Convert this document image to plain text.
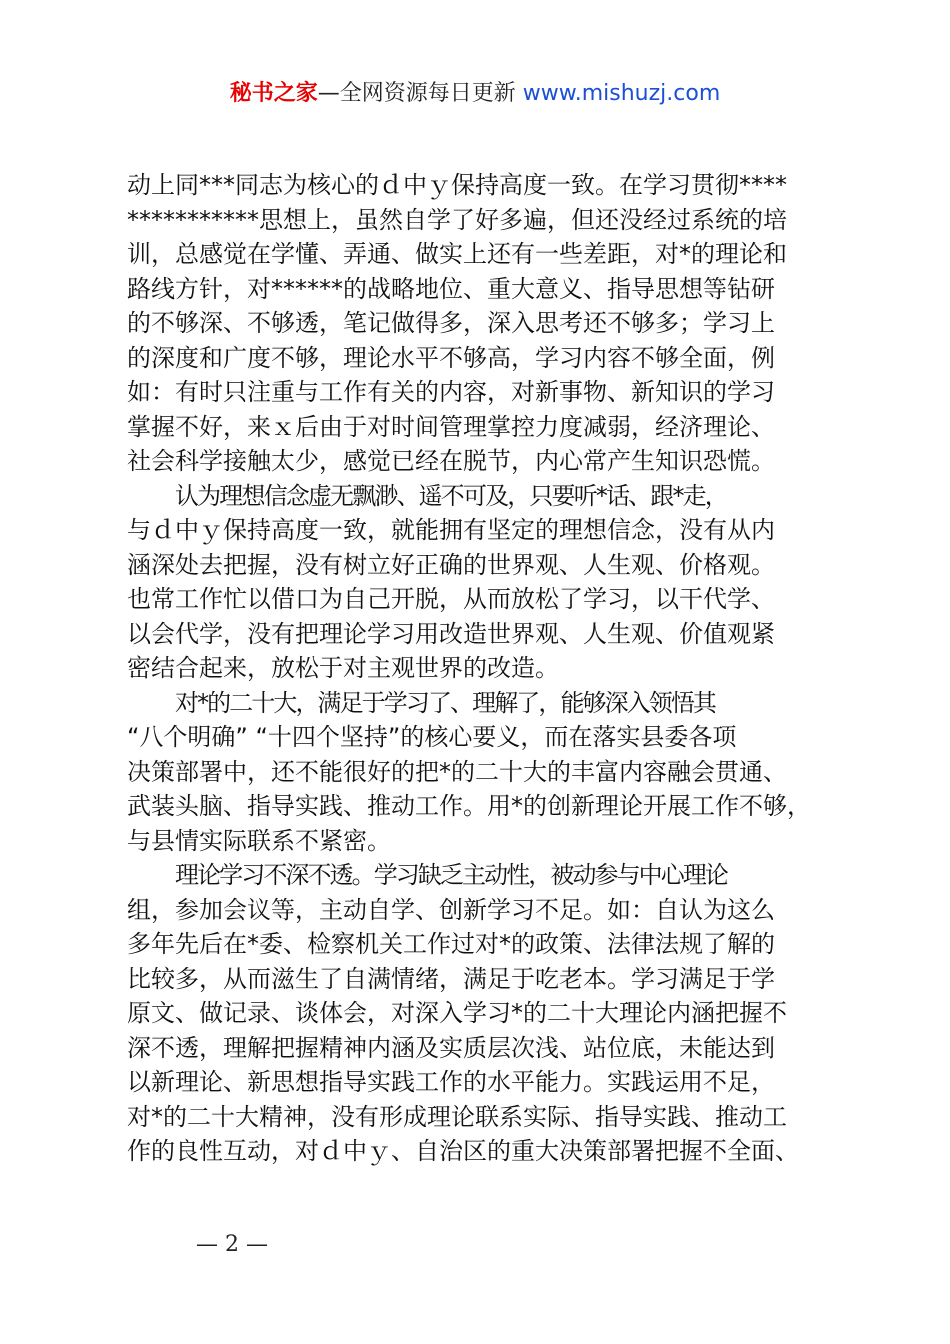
秘书之家—全网资源每日更新 www.mishuzj.com
动上同***同志为核心的ｄ中ｙ保持高度一致。在学习贯彻****
***********思想上，虽然自学了好多遍，但还没经过系统的培
训，总感觉在学懂、弄通、做实上还有一些差距，对*的理论和
路线方针，对******的战略地位、重大意义、指导思想等钻研
的不够深、不够透，笔记做得多，深入思考还不够多；学习上
的深度和广度不够，理论水平不够高，学习内容不够全面，例
如：有时只注重与工作有关的内容，对新事物、新知识的学习
掌握不好，来ｘ后由于对时间管理掌控力度减弱，经济理论、
社会科学接触太少，感觉已经在脱节，内心常产生知识恐慌。
认为理想信念虚无飘渺、遥不可及，只要听*话、跟*走，
与ｄ中ｙ保持高度一致，就能拥有坚定的理想信念，没有从内
涵深处去把握，没有树立好正确的世界观、人生观、价格观。
也常工作忙以借口为自己开脱，从而放松了学习，以干代学、
以会代学，没有把理论学习用改造世界观、人生观、价值观紧
密结合起来，放松于对主观世界的改造。
对*的二十大，满足于学习了、理解了，能够深入领悟其
“八个明确” “十四个坚持”的核心要义，而在落实县委各项
决策部署中，还不能很好的把*的二十大的丰富内容融会贯通、
武装头脑、指导实践、推动工作。用*的创新理论开展工作不够，
与县情实际联系不紧密。
理论学习不深不透。学习缺乏主动性，被动参与中心理论
组，参加会议等，主动自学、创新学习不足。如：自认为这么
多年先后在*委、检察机关工作过对*的政策、法律法规了解的
比较多，从而滋生了自满情绪，满足于吃老本。学习满足于学
原文、做记录、谈体会，对深入学习*的二十大理论内涵把握不
深不透，理解把握精神内涵及实质层次浅、站位底，未能达到
以新理论、新思想指导实践工作的水平能力。实践运用不足，
对*的二十大精神，没有形成理论联系实际、指导实践、推动工
作的良性互动，对ｄ中ｙ、自治区的重大决策部署把握不全面、
— 2 —
